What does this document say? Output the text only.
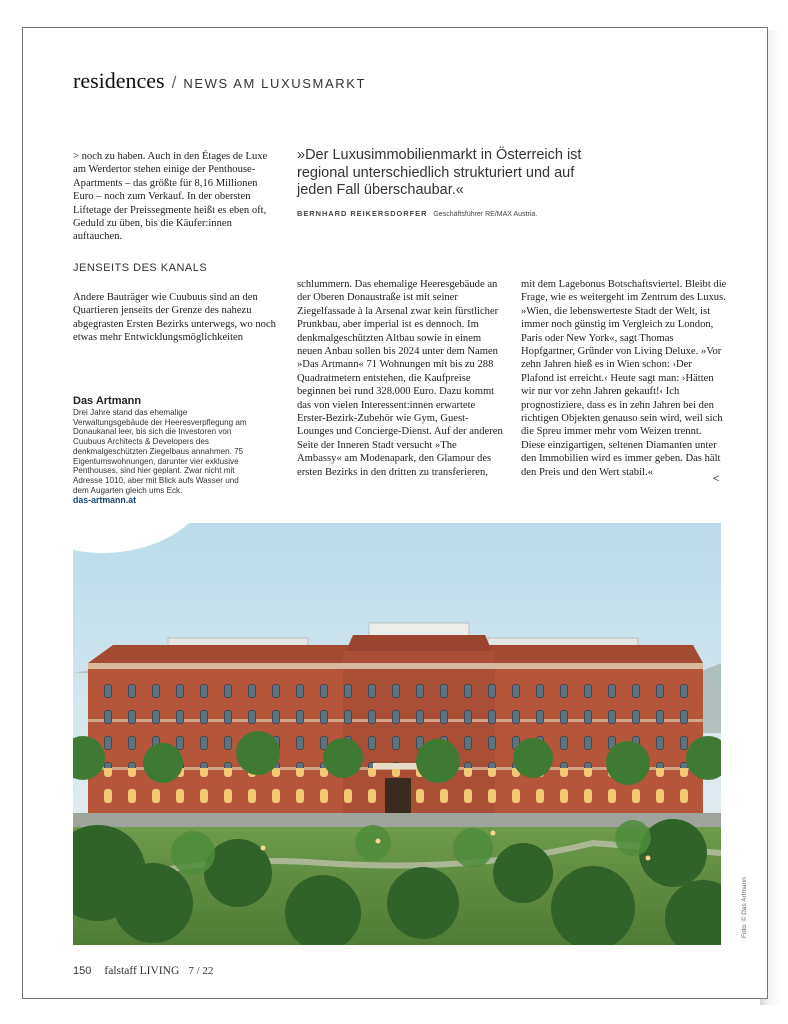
residences / NEWS AM LUXUSMARKT
> noch zu haben. Auch in den Étages de Luxe am Werdertor stehen einige der Penthouse-Apartments – das größte für 8,16 Millionen Euro – noch zum Verkauf. In der obersten Liftetage der Preissegmente heißt es eben oft, Geduld zu üben, bis die Käufer:innen auftauchen.
JENSEITS DES KANALS
Andere Bauträger wie Cuubuus sind an den Quartieren jenseits der Grenze des nahezu abgegrasten Ersten Bezirks unterwegs, wo noch etwas mehr Entwicklungsmöglichkeiten
»Der Luxusimmobilienmarkt in Österreich ist regional unterschiedlich strukturiert und auf jeden Fall überschaubar.«
BERNHARD REIKERSDORFER Geschäftsführer RE/MAX Austria.
schlummern. Das ehemalige Heeresgebäude an der Oberen Donaustraße ist mit seiner Ziegelfassade à la Arsenal zwar kein fürstlicher Prunkbau, aber imperial ist es dennoch. Im denkmalgeschützten Altbau sowie in einem neuen Anbau sollen bis 2024 unter dem Namen »Das Artmann« 71 Wohnungen mit bis zu 288 Quadratmetern entstehen, die Kaufpreise beginnen bei rund 328.000 Euro. Dazu kommt das von vielen Interessent:innen erwartete Erster-Bezirk-Zubehör wie Gym, Guest-Lounges und Concierge-Dienst. Auf der anderen Seite der Inneren Stadt versucht »The Ambassy« am Modenapark, den Glamour des ersten Bezirks in den dritten zu transferieren,
mit dem Lagebonus Botschaftsviertel. Bleibt die Frage, wie es weitergeht im Zentrum des Luxus. »Wien, die lebenswerteste Stadt der Welt, ist immer noch günstig im Vergleich zu London, Paris oder New York«, sagt Thomas Hopfgartner, Gründer von Living Deluxe. »Vor zehn Jahren hieß es in Wien schon: ›Der Plafond ist erreicht.‹ Heute sagt man: ›Hätten wir nur vor zehn Jahren gekauft!‹ Ich prognostiziere, dass es in zehn Jahren bei den richtigen Objekten genauso sein wird, weil sich die Spreu immer mehr vom Weizen trennt. Diese einzigartigen, seltenen Diamanten unter den Immobilien wird es immer geben. Das hält den Preis und den Wert stabil.«
<
Das Artmann
Drei Jahre stand das ehemalige Verwaltungsgebäude der Heeresverpflegung am Donaukanal leer, bis sich die Investoren von Cuubuus Architects & Developers des denkmalgeschützten Ziegelbaus annahmen. 75 Eigentumswohnungen, darunter vier exklusive Penthouses, sind hier geplant. Zwar nicht mit Adresse 1010, aber mit Blick aufs Wasser und dem Augarten gleich ums Eck.
das-artmann.at
Foto: © Das Artmann
150 falstaff LIVING 7 / 22
